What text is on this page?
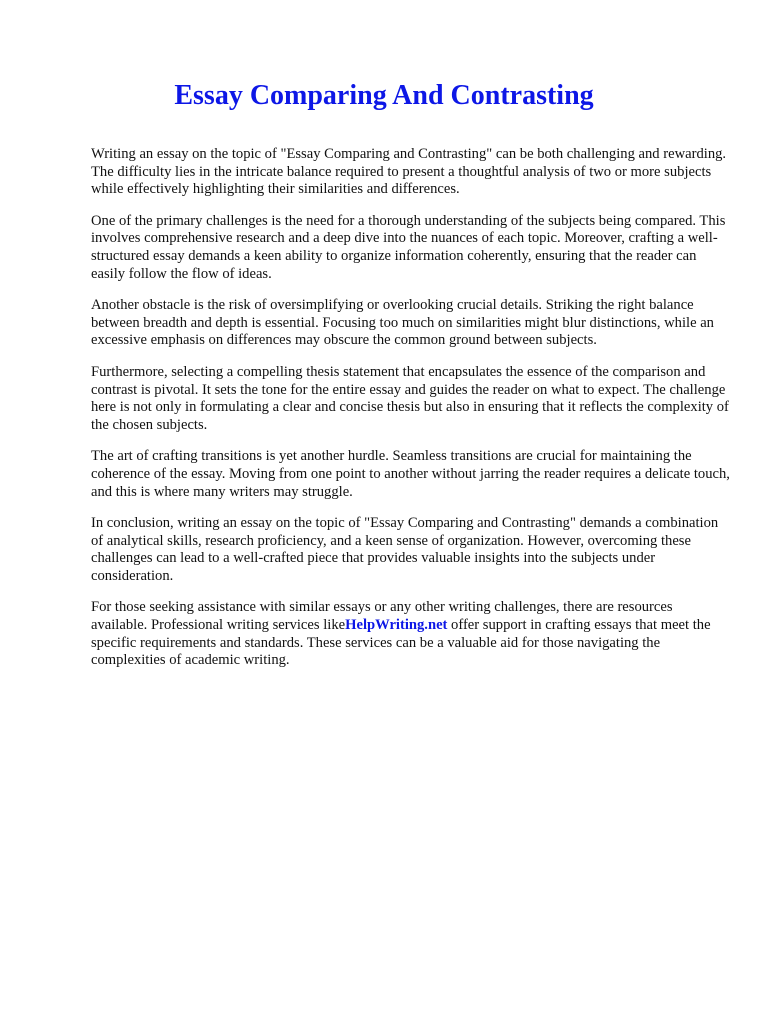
Essay Comparing And Contrasting

Writing an essay on the topic of "Essay Comparing and Contrasting" can be both challenging and rewarding. The difficulty lies in the intricate balance required to present a thoughtful analysis of two or more subjects while effectively highlighting their similarities and differences.

One of the primary challenges is the need for a thorough understanding of the subjects being compared. This involves comprehensive research and a deep dive into the nuances of each topic. Moreover, crafting a well-structured essay demands a keen ability to organize information coherently, ensuring that the reader can easily follow the flow of ideas.

Another obstacle is the risk of oversimplifying or overlooking crucial details. Striking the right balance between breadth and depth is essential. Focusing too much on similarities might blur distinctions, while an excessive emphasis on differences may obscure the common ground between subjects.

Furthermore, selecting a compelling thesis statement that encapsulates the essence of the comparison and contrast is pivotal. It sets the tone for the entire essay and guides the reader on what to expect. The challenge here is not only in formulating a clear and concise thesis but also in ensuring that it reflects the complexity of the chosen subjects.

The art of crafting transitions is yet another hurdle. Seamless transitions are crucial for maintaining the coherence of the essay. Moving from one point to another without jarring the reader requires a delicate touch, and this is where many writers may struggle.

In conclusion, writing an essay on the topic of "Essay Comparing and Contrasting" demands a combination of analytical skills, research proficiency, and a keen sense of organization. However, overcoming these challenges can lead to a well-crafted piece that provides valuable insights into the subjects under consideration.

For those seeking assistance with similar essays or any other writing challenges, there are resources available. Professional writing services likeHelpWriting.net offer support in crafting essays that meet the specific requirements and standards. These services can be a valuable aid for those navigating the complexities of academic writing.
